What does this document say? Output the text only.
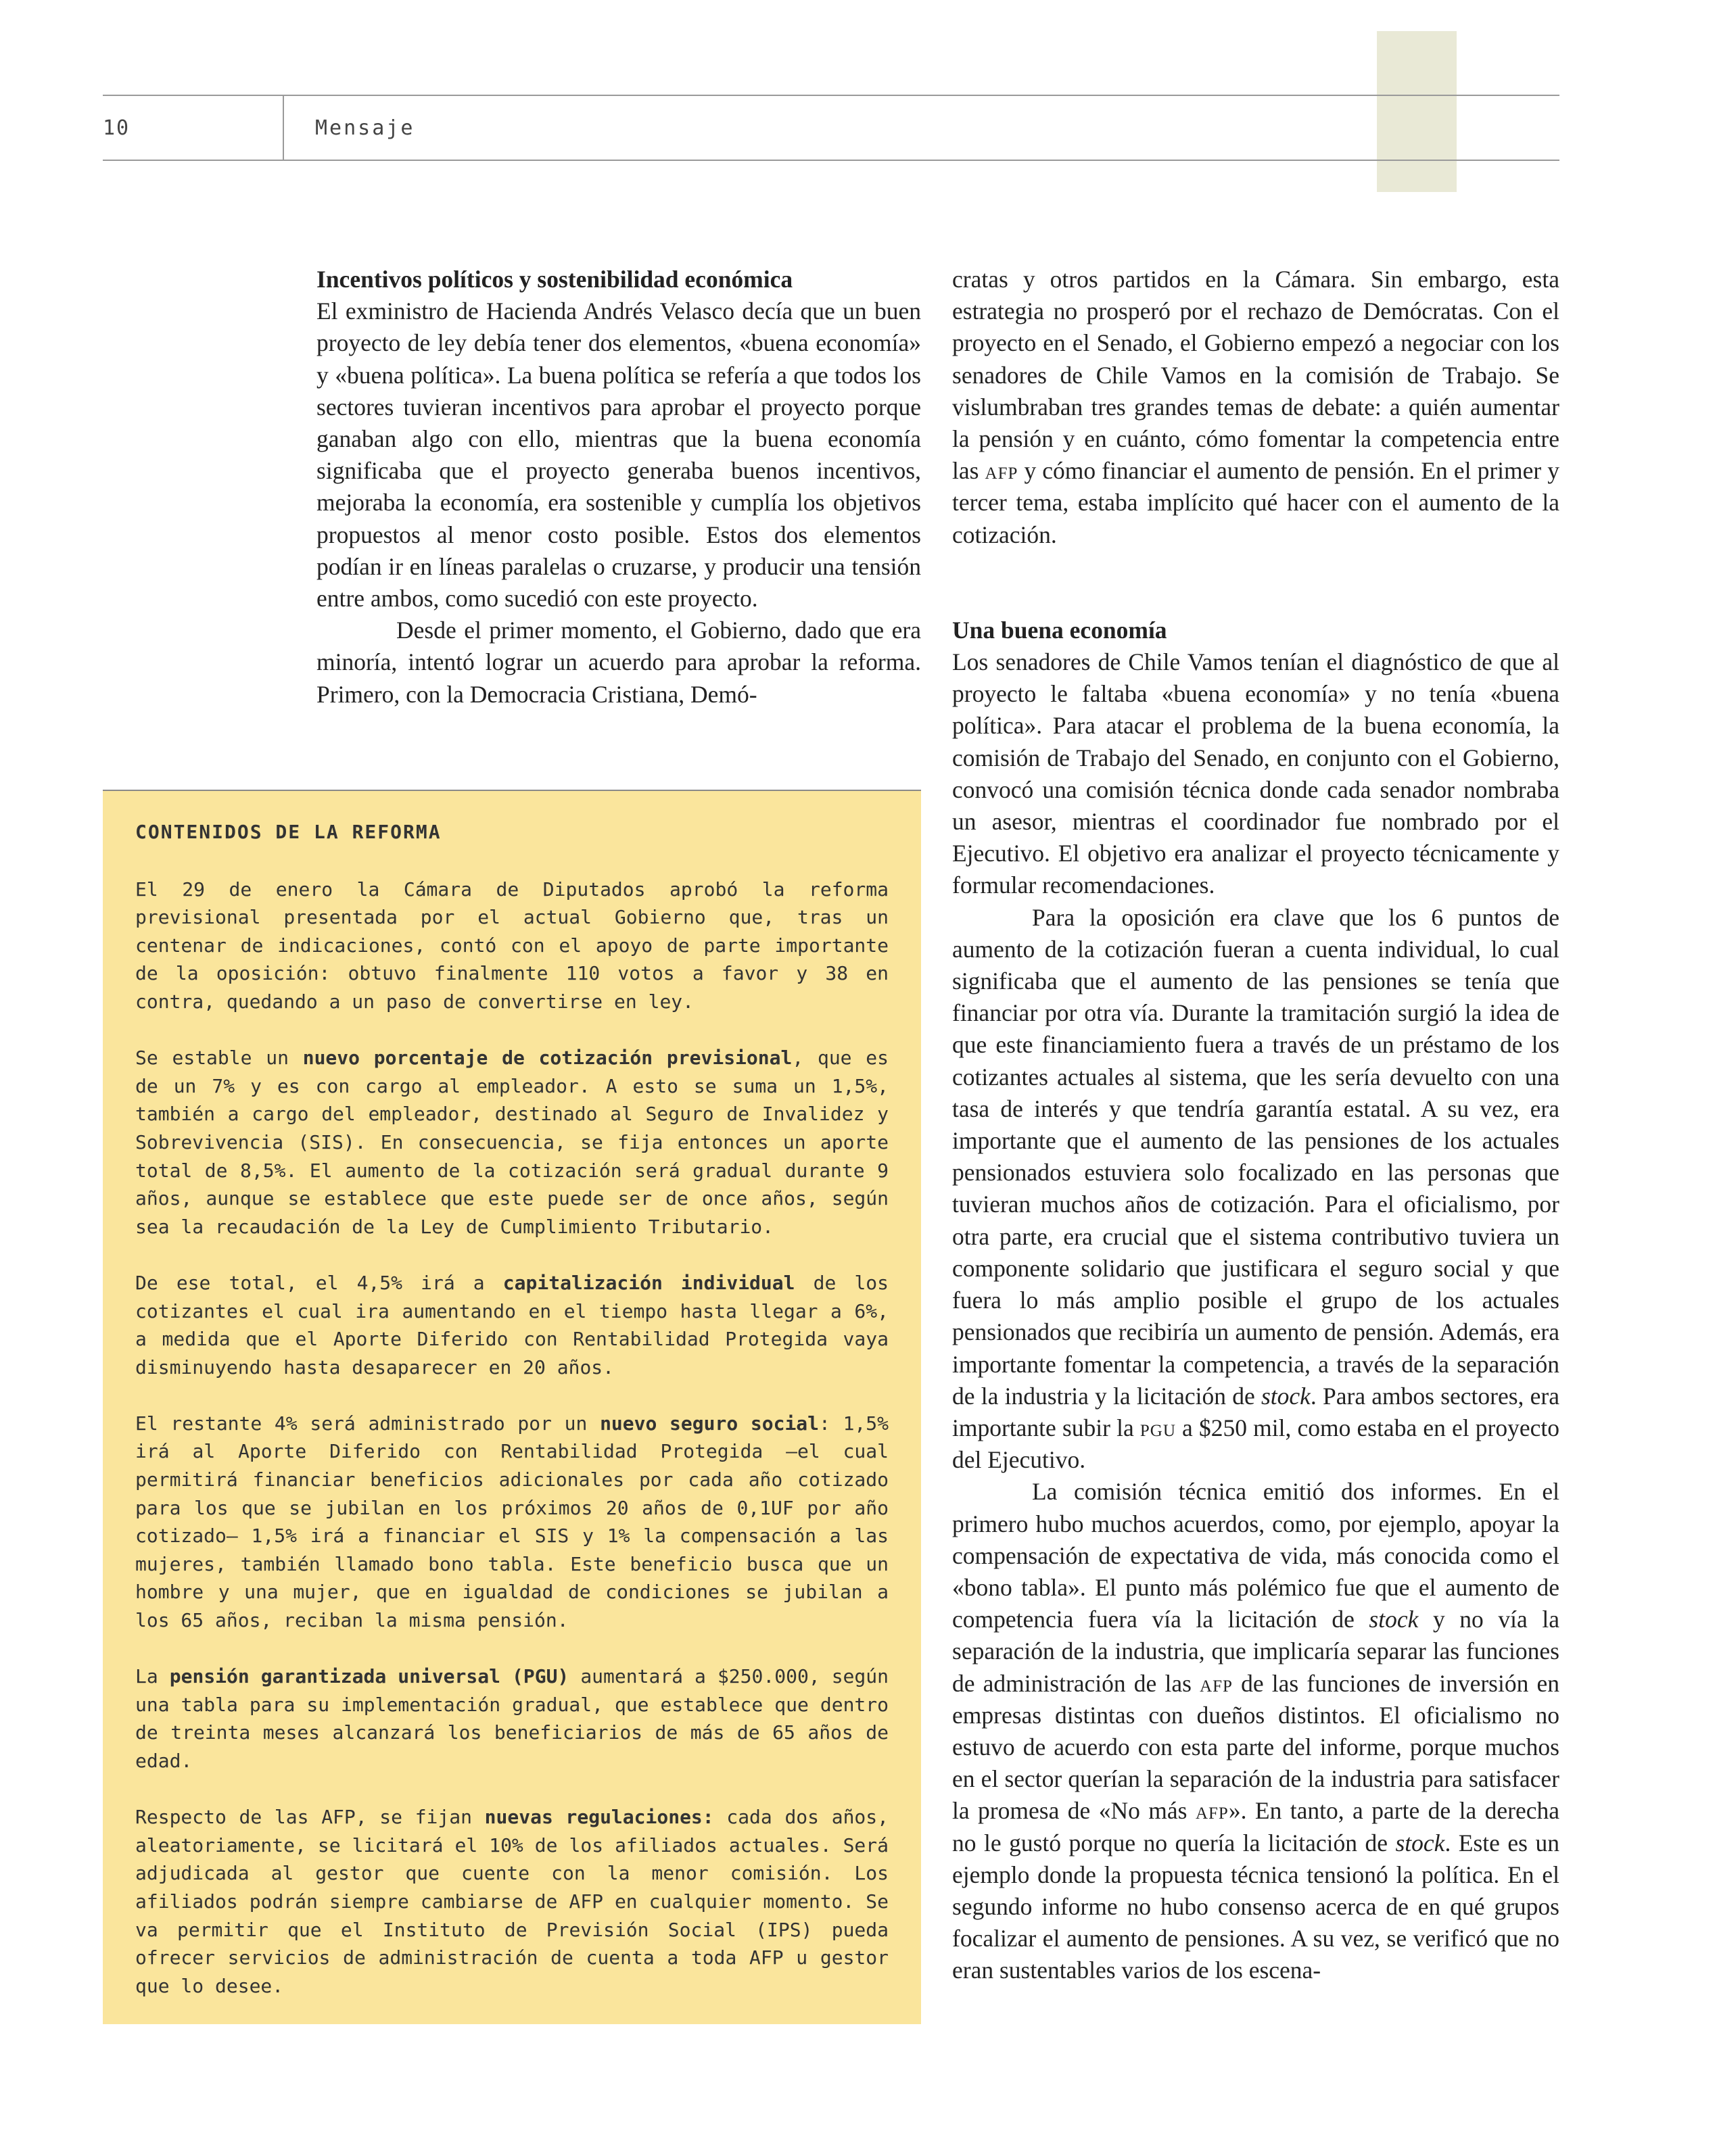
10	Mensaje

Incentivos políticos y sostenibilidad económica

El exministro de Hacienda Andrés Velasco decía que un buen proyecto de ley debía tener dos elementos, «buena economía» y «buena política». La buena política se refería a que todos los sectores tuvieran incentivos para aprobar el proyecto porque ganaban algo con ello, mientras que la buena economía significaba que el proyecto generaba buenos incentivos, mejoraba la economía, era sostenible y cumplía los objetivos propuestos al menor costo posible. Estos dos elementos podían ir en líneas paralelas o cruzarse, y producir una tensión entre ambos, como sucedió con este proyecto.

Desde el primer momento, el Gobierno, dado que era minoría, intentó lograr un acuerdo para aprobar la reforma. Primero, con la Democracia Cristiana, Demó-

cratas y otros partidos en la Cámara. Sin embargo, esta estrategia no prosperó por el rechazo de Demócratas. Con el proyecto en el Senado, el Gobierno empezó a negociar con los senadores de Chile Vamos en la comisión de Trabajo. Se vislumbraban tres grandes temas de debate: a quién aumentar la pensión y en cuánto, cómo fomentar la competencia entre las afp y cómo financiar el aumento de pensión. En el primer y tercer tema, estaba implícito qué hacer con el aumento de la cotización.

Una buena economía

Los senadores de Chile Vamos tenían el diagnóstico de que al proyecto le faltaba «buena economía» y no tenía «buena política». Para atacar el problema de la buena economía, la comisión de Trabajo del Senado, en conjunto con el Gobierno, convocó una comisión técnica donde cada senador nombraba un asesor, mientras el coordinador fue nombrado por el Ejecutivo. El objetivo era analizar el proyecto técnicamente y formular recomendaciones.

Para la oposición era clave que los 6 puntos de aumento de la cotización fueran a cuenta individual, lo cual significaba que el aumento de las pensiones se tenía que financiar por otra vía. Durante la tramitación surgió la idea de que este financiamiento fuera a través de un préstamo de los cotizantes actuales al sistema, que les sería devuelto con una tasa de interés y que tendría garantía estatal. A su vez, era importante que el aumento de las pensiones de los actuales pensionados estuviera solo focalizado en las personas que tuvieran muchos años de cotización. Para el oficialismo, por otra parte, era crucial que el sistema contributivo tuviera un componente solidario que justificara el seguro social y que fuera lo más amplio posible el grupo de los actuales pensionados que recibiría un aumento de pensión. Además, era importante fomentar la competencia, a través de la separación de la industria y la licitación de stock. Para ambos sectores, era importante subir la pgu a $250 mil, como estaba en el proyecto del Ejecutivo.

La comisión técnica emitió dos informes. En el primero hubo muchos acuerdos, como, por ejemplo, apoyar la compensación de expectativa de vida, más conocida como el «bono tabla». El punto más polémico fue que el aumento de competencia fuera vía la licitación de stock y no vía la separación de la industria, que implicaría separar las funciones de administración de las afp de las funciones de inversión en empresas distintas con dueños distintos. El oficialismo no estuvo de acuerdo con esta parte del informe, porque muchos en el sector querían la separación de la industria para satisfacer la promesa de «No más afp». En tanto, a parte de la derecha no le gustó porque no quería la licitación de stock. Este es un ejemplo donde la propuesta técnica tensionó la política. En el segundo informe no hubo consenso acerca de en qué grupos focalizar el aumento de pensiones. A su vez, se verificó que no eran sustentables varios de los escena-

CONTENIDOS DE LA REFORMA

El 29 de enero la Cámara de Diputados aprobó la reforma previsional presentada por el actual Gobierno que, tras un centenar de indicaciones, contó con el apoyo de parte importante de la oposición: obtuvo finalmente 110 votos a favor y 38 en contra, quedando a un paso de convertirse en ley.

Se estable un nuevo porcentaje de cotización previsional, que es de un 7% y es con cargo al empleador. A esto se suma un 1,5%, también a cargo del empleador, destinado al Seguro de Invalidez y Sobrevivencia (SIS). En consecuencia, se fija entonces un aporte total de 8,5%. El aumento de la cotización será gradual durante 9 años, aunque se establece que este puede ser de once años, según sea la recaudación de la Ley de Cumplimiento Tributario.

De ese total, el 4,5% irá a capitalización individual de los cotizantes el cual ira aumentando en el tiempo hasta llegar a 6%, a medida que el Aporte Diferido con Rentabilidad Protegida vaya disminuyendo hasta desaparecer en 20 años.

El restante 4% será administrado por un nuevo seguro social: 1,5% irá al Aporte Diferido con Rentabilidad Protegida —el cual permitirá financiar beneficios adicionales por cada año cotizado para los que se jubilan en los próximos 20 años de 0,1UF por año cotizado— 1,5% irá a financiar el SIS y 1% la compensación a las mujeres, también llamado bono tabla. Este beneficio busca que un hombre y una mujer, que en igualdad de condiciones se jubilan a los 65 años, reciban la misma pensión.

La pensión garantizada universal (PGU) aumentará a $250.000, según una tabla para su implementación gradual, que establece que dentro de treinta meses alcanzará los beneficiarios de más de 65 años de edad.

Respecto de las AFP, se fijan nuevas regulaciones: cada dos años, aleatoriamente, se licitará el 10% de los afiliados actuales. Será adjudicada al gestor que cuente con la menor comisión. Los afiliados podrán siempre cambiarse de AFP en cualquier momento. Se va permitir que el Instituto de Previsión Social (IPS) pueda ofrecer servicios de administración de cuenta a toda AFP u gestor que lo desee.
